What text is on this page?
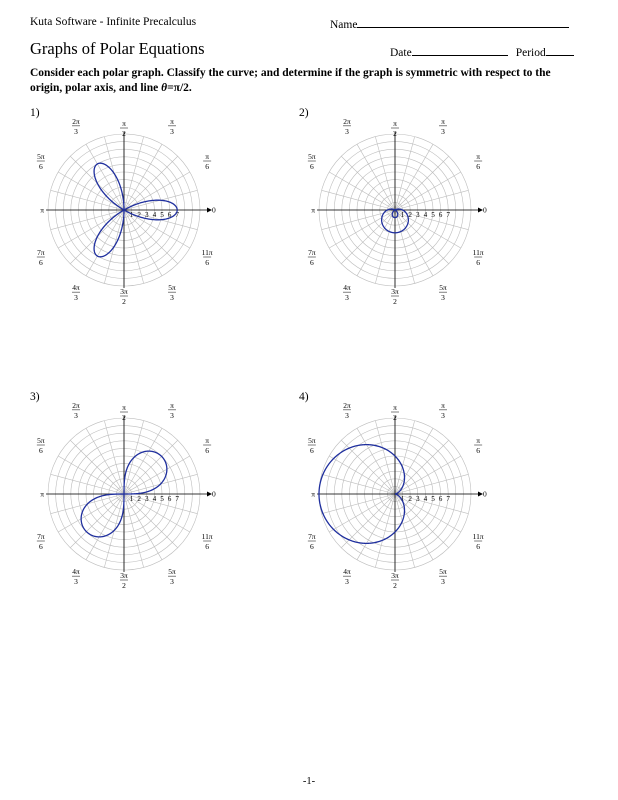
Kuta Software - Infinite Precalculus	Name
Graphs of Polar Equations	Date	Period
Consider each polar graph. Classify the curve; and determine if the graph is symmetric with respect to the origin, polar axis, and line θ=π/2.
1)	2)
3)	4)
1 2 3 4 5 6 7
0
π
π
2
3π
2
π
3
π
6
2π
3
5π
6
7π
6
4π
3
5π
3
11π
6
1 2 3 4 5 6 7
0
π
π
2
3π
2
π
3
π
6
2π
3
5π
6
7π
6
4π
3
5π
3
11π
6
1 2 3 4 5 6 7
0
π
π
2
3π
2
π
3
π
6
2π
3
5π
6
7π
6
4π
3
5π
3
11π
6
1 2 3 4 5 6 7
0
π
π
2
3π
2
π
3
π
6
2π
3
5π
6
7π
6
4π
3
5π
3
11π
6
-1-
